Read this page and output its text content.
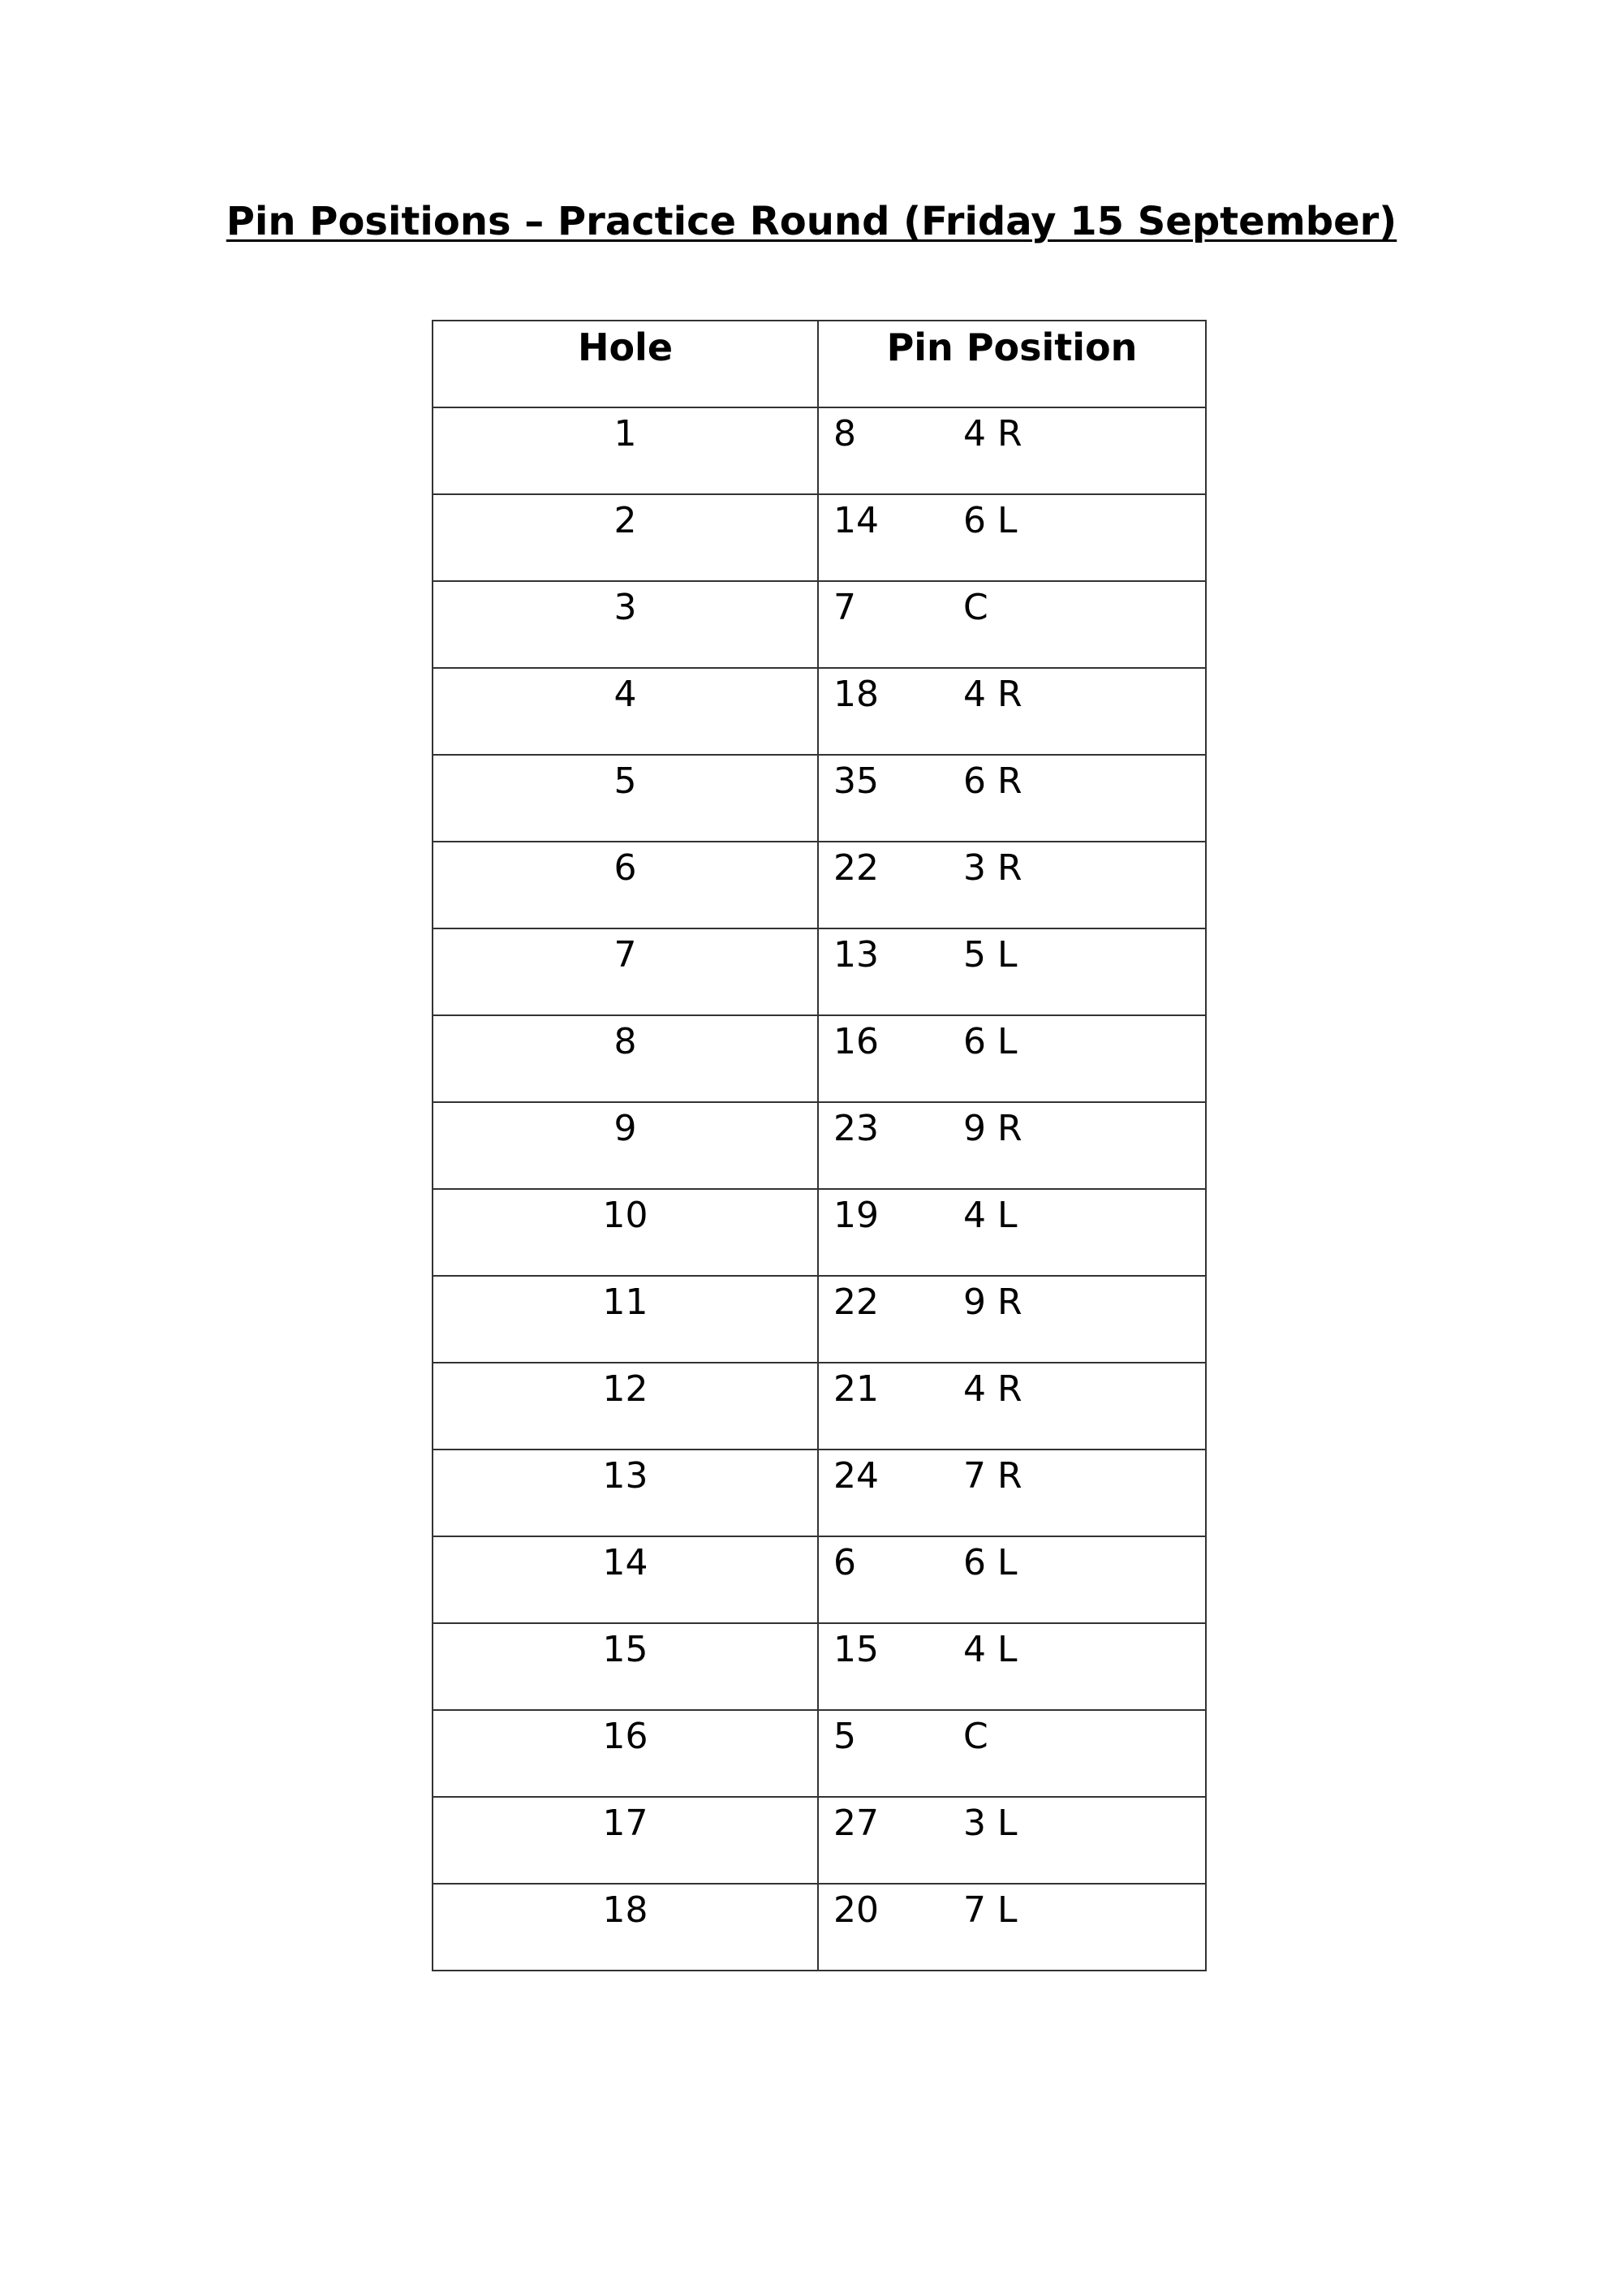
Pin Positions – Practice Round (Friday 15 September)
Hole	Pin Position
1	8 4 R
2	14 6 L
3	7 C
4	18 4 R
5	35 6 R
6	22 3 R
7	13 5 L
8	16 6 L
9	23 9 R
10	19 4 L
11	22 9 R
12	21 4 R
13	24 7 R
14	6 6 L
15	15 4 L
16	5 C
17	27 3 L
18	20 7 L
